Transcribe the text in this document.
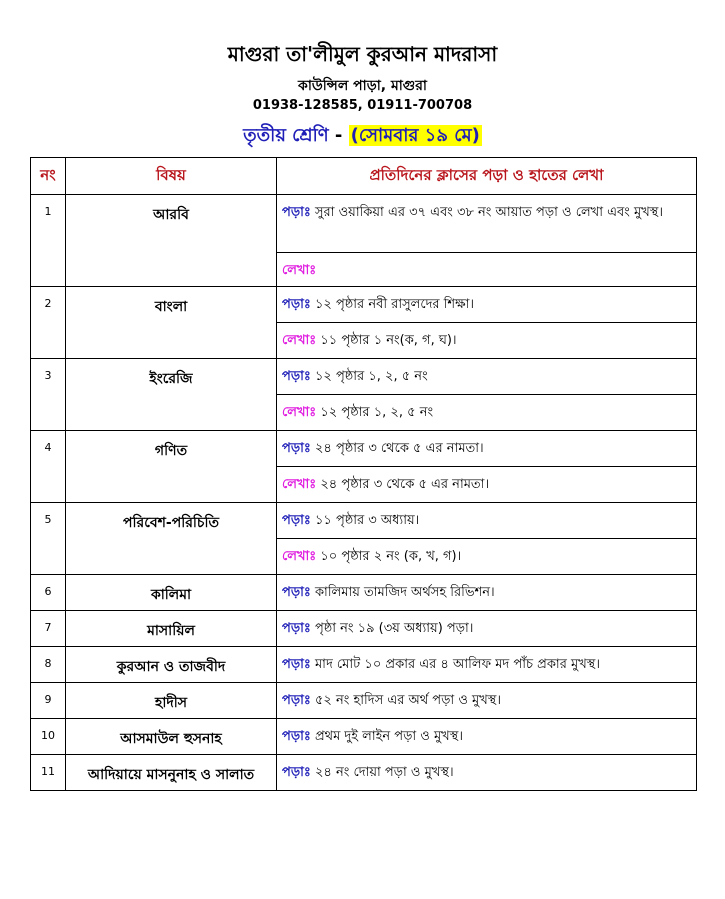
মাগুরা তা'লীমুল কুরআন মাদরাসা
কাউন্সিল পাড়া, মাগুরা
01938-128585, 01911-700708
তৃতীয় শ্রেণি - (সোমবার ১৯ মে)
নং	বিষয়	প্রতিদিনের ক্লাসের পড়া ও হাতের লেখা
1	আরবি	পড়াঃ সুরা ওয়াকিয়া এর ৩৭ এবং ৩৮ নং আয়াত পড়া ও লেখা এবং মুখস্থ।
		লেখাঃ
2	বাংলা	পড়াঃ ১২ পৃষ্ঠার নবী রাসুলদের শিক্ষা।
		লেখাঃ ১১ পৃষ্ঠার ১ নং(ক, গ, ঘ)।
3	ইংরেজি	পড়াঃ ১২ পৃষ্ঠার ১, ২, ৫ নং
		লেখাঃ ১২ পৃষ্ঠার ১, ২, ৫ নং
4	গণিত	পড়াঃ ২৪ পৃষ্ঠার ৩ থেকে ৫ এর নামতা।
		লেখাঃ ২৪ পৃষ্ঠার ৩ থেকে ৫ এর নামতা।
5	পরিবেশ-পরিচিতি	পড়াঃ ১১ পৃষ্ঠার ৩ অধ্যায়।
		লেখাঃ ১০ পৃষ্ঠার ২ নং (ক, খ, গ)।
6	কালিমা	পড়াঃ কালিমায় তামজিদ অর্থসহ রিভিশন।
7	মাসায়িল	পড়াঃ পৃষ্ঠা নং ১৯ (৩য় অধ্যায়) পড়া।
8	কুরআন ও তাজবীদ	পড়াঃ মাদ মোট ১০ প্রকার এর ৪ আলিফ মদ পাঁচ প্রকার মুখস্থ।
9	হাদীস	পড়াঃ ৫২ নং হাদিস এর অর্থ পড়া ও মুখস্থ।
10	আসমাউল হুসনাহ	পড়াঃ প্রথম দুই লাইন পড়া ও মুখস্থ।
11	আদিয়ায়ে মাসনুনাহ ও সালাত	পড়াঃ ২৪ নং দোয়া পড়া ও মুখস্থ।
